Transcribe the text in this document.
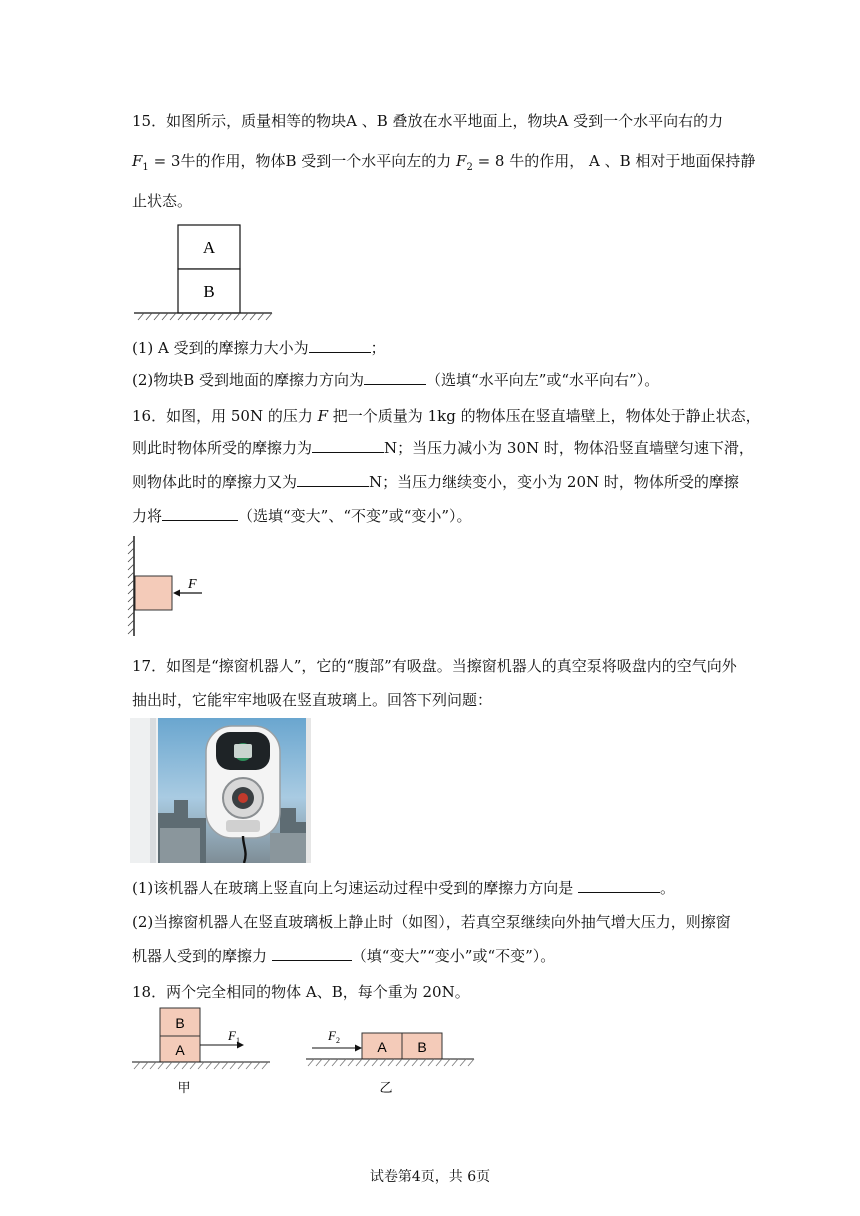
15．如图所示，质量相等的物块A 、B 叠放在水平地面上，物块A 受到一个水平向右的力
$F_1 = 3$牛的作用，物体B 受到一个水平向左的力 $F_2 = 8$ 牛的作用， A 、B 相对于地面保持静
止状态。
A
B
(1) A 受到的摩擦力大小为	；
(2)物块B 受到地面的摩擦力方向为	（选填“水平向左”或“水平向右”）。
16．如图，用 50N 的压力 F 把一个质量为 1kg 的物体压在竖直墙壁上，物体处于静止状态，
则此时物体所受的摩擦力为	N；当压力减小为 30N 时，物体沿竖直墙壁匀速下滑，
则物体此时的摩擦力又为	N；当压力继续变小，变小为 20N 时，物体所受的摩擦
力将	（选填“变大”、“不变”或“变小”）。
F
17．如图是“擦窗机器人”，它的“腹部”有吸盘。当擦窗机器人的真空泵将吸盘内的空气向外
抽出时，它能牢牢地吸在竖直玻璃上。回答下列问题：
(1)该机器人在玻璃上竖直向上匀速运动过程中受到的摩擦力方向是	。
(2)当擦窗机器人在竖直玻璃板上静止时（如图），若真空泵继续向外抽气增大压力，则擦窗
机器人受到的摩擦力	（填“变大”“变小”或“不变”）。
18．两个完全相同的物体 A、B，每个重为 20N。
B
A
$F_1$
甲
$F_2$	A B
乙
试卷第4页，共 6页
